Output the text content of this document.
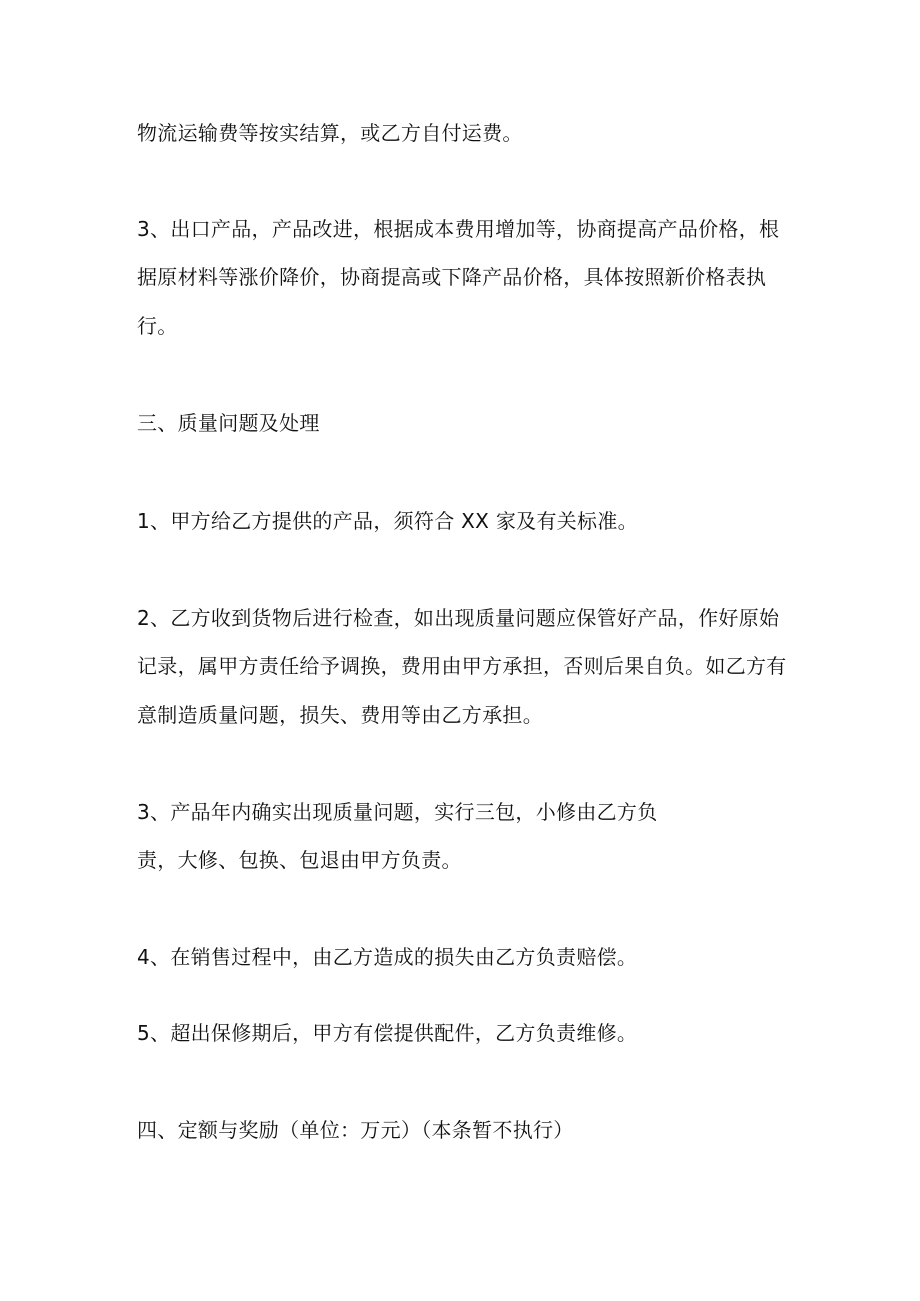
物流运输费等按实结算，或乙方自付运费。

3、出口产品，产品改进，根据成本费用增加等，协商提高产品价格，根

据原材料等涨价降价，协商提高或下降产品价格，具体按照新价格表执

行。

三、质量问题及处理

1、甲方给乙方提供的产品，须符合 XX 家及有关标准。

2、乙方收到货物后进行检查，如出现质量问题应保管好产品，作好原始

记录，属甲方责任给予调换，费用由甲方承担，否则后果自负。如乙方有

意制造质量问题，损失、费用等由乙方承担。

3、产品年内确实出现质量问题，实行三包，小修由乙方负

责，大修、包换、包退由甲方负责。

4、在销售过程中，由乙方造成的损失由乙方负责赔偿。

5、超出保修期后，甲方有偿提供配件，乙方负责维修。

四、定额与奖励（单位：万元）（本条暂不执行）
